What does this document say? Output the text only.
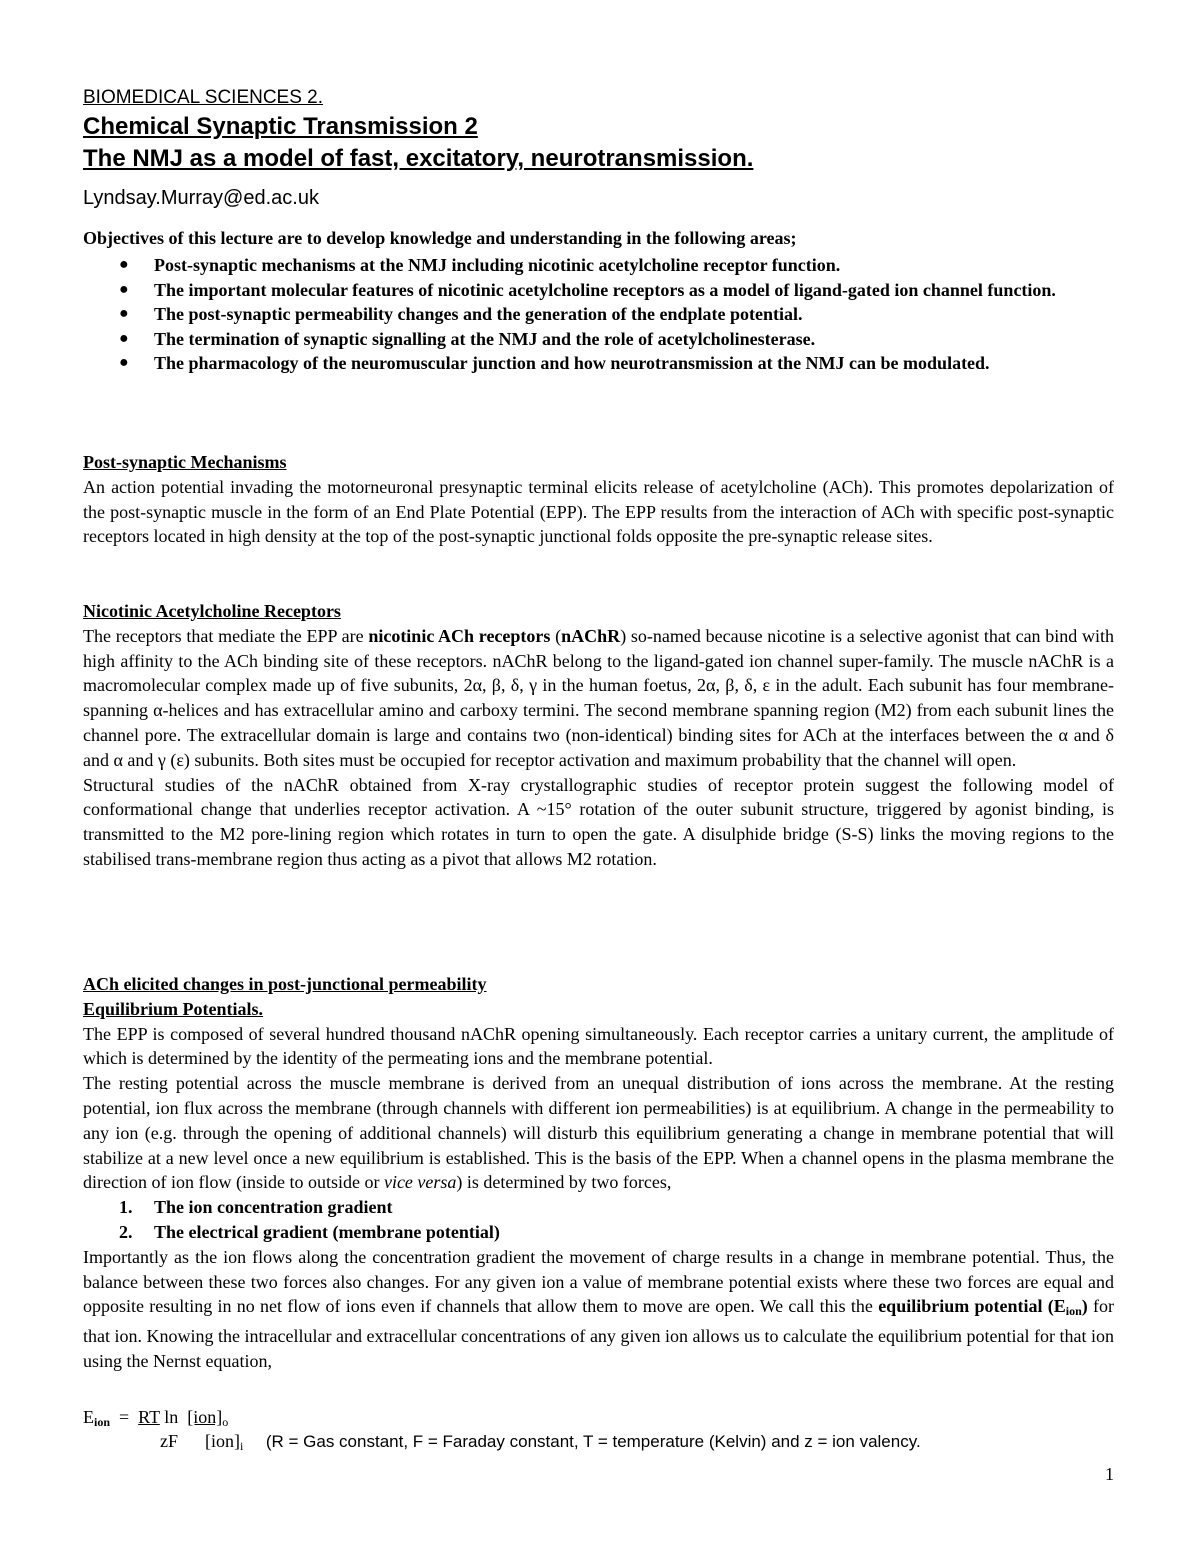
BIOMEDICAL SCIENCES 2.
Chemical Synaptic Transmission 2
The NMJ as a model of fast, excitatory, neurotransmission.
Lyndsay.Murray@ed.ac.uk
Objectives of this lecture are to develop knowledge and understanding in the following areas;
● Post-synaptic mechanisms at the NMJ including nicotinic acetylcholine receptor function.
● The important molecular features of nicotinic acetylcholine receptors as a model of ligand-gated ion channel function.
● The post-synaptic permeability changes and the generation of the endplate potential.
● The termination of synaptic signalling at the NMJ and the role of acetylcholinesterase.
● The pharmacology of the neuromuscular junction and how neurotransmission at the NMJ can be modulated.
Post-synaptic Mechanisms

An action potential invading the motorneuronal presynaptic terminal elicits release of acetylcholine (ACh). This promotes depolarization of the post-synaptic muscle in the form of an End Plate Potential (EPP). The EPP results from the interaction of ACh with specific post-synaptic receptors located in high density at the top of the post-synaptic junctional folds opposite the pre-synaptic release sites.

Nicotinic Acetylcholine Receptors

The receptors that mediate the EPP are nicotinic ACh receptors (nAChR) so-named because nicotine is a selective agonist that can bind with high affinity to the ACh binding site of these receptors. nAChR belong to the ligand-gated ion channel super-family. The muscle nAChR is a macromolecular complex made up of five subunits, 2α, β, δ, γ in the human foetus, 2α, β, δ, ε in the adult. Each subunit has four membrane-spanning α-helices and has extracellular amino and carboxy termini. The second membrane spanning region (M2) from each subunit lines the channel pore. The extracellular domain is large and contains two (non-identical) binding sites for ACh at the interfaces between the α and δ and α and γ (ε) subunits. Both sites must be occupied for receptor activation and maximum probability that the channel will open.

Structural studies of the nAChR obtained from X-ray crystallographic studies of receptor protein suggest the following model of conformational change that underlies receptor activation. A ~15° rotation of the outer subunit structure, triggered by agonist binding, is transmitted to the M2 pore-lining region which rotates in turn to open the gate. A disulphide bridge (S-S) links the moving regions to the stabilised trans-membrane region thus acting as a pivot that allows M2 rotation.

ACh elicited changes in post-junctional permeability
Equilibrium Potentials.

The EPP is composed of several hundred thousand nAChR opening simultaneously. Each receptor carries a unitary current, the amplitude of which is determined by the identity of the permeating ions and the membrane potential.

The resting potential across the muscle membrane is derived from an unequal distribution of ions across the membrane. At the resting potential, ion flux across the membrane (through channels with different ion permeabilities) is at equilibrium. A change in the permeability to any ion (e.g. through the opening of additional channels) will disturb this equilibrium generating a change in membrane potential that will stabilize at a new level once a new equilibrium is established. This is the basis of the EPP. When a channel opens in the plasma membrane the direction of ion flow (inside to outside or vice versa) is determined by two forces,

1. The ion concentration gradient
2. The electrical gradient (membrane potential)

Importantly as the ion flows along the concentration gradient the movement of charge results in a change in membrane potential. Thus, the balance between these two forces also changes. For any given ion a value of membrane potential exists where these two forces are equal and opposite resulting in no net flow of ions even if channels that allow them to move are open. We call this the equilibrium potential $(E_{ion})$ for that ion. Knowing the intracellular and extracellular concentrations of any given ion allows us to calculate the equilibrium potential for that ion using the Nernst equation,

$E_{ion}$ = RT ln [ion]o
zF [ion]i (R = Gas constant, F = Faraday constant, T = temperature (Kelvin) and z = ion valency.
1
